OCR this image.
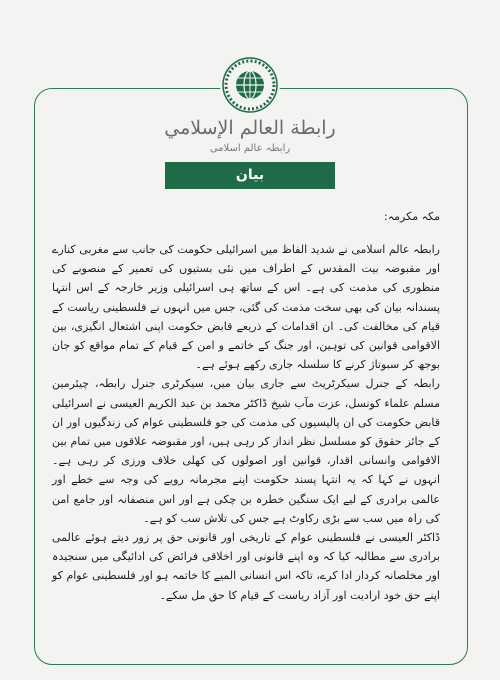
رابطة العالم الإسلامي
رابطہ عالم اسلامی
بیان
مکہ مکرمہ:

رابطہ عالم اسلامی نے شدید الفاظ میں اسرائیلی حکومت کی جانب سے مغربی کنارے اور مقبوضہ بیت المقدس کے اطراف میں نئی بستیوں کی تعمیر کے منصوبے کی منظوری کی مذمت کی ہے۔ اس کے ساتھ ہی اسرائیلی وزیر خارجہ کے اس انتہا پسندانہ بیان کی بھی سخت مذمت کی گئی، جس میں انہوں نے فلسطینی ریاست کے قیام کی مخالفت کی۔ ان اقدامات کے ذریعے قابض حکومت اپنی اشتعال انگیزی، بین الاقوامی قوانین کی توہین، اور جنگ کے خاتمے و امن کے قیام کے تمام مواقع کو جان بوجھ کر سبوتاژ کرنے کا سلسلہ جاری رکھے ہوئے ہے۔

رابطہ کے جنرل سیکرٹریٹ سے جاری بیان میں، سیکرٹری جنرل رابطہ، چیئرمین مسلم علماء کونسل، عزت مآب شیخ ڈاکٹر محمد بن عبد الکریم العیسی نے اسرائیلی قابض حکومت کی ان پالیسیوں کی مذمت کی جو فلسطینی عوام کی زندگیوں اور ان کے جائز حقوق کو مسلسل نظر انداز کر رہی ہیں، اور مقبوضہ علاقوں میں تمام بین الاقوامی وانسانی اقدار، قوانین اور اصولوں کی کھلی خلاف ورزی کر رہی ہے۔ انہوں نے کہا کہ یہ انتہا پسند حکومت اپنے مجرمانہ رویے کی وجہ سے خطے اور عالمی برادری کے لیے ایک سنگین خطرہ بن چکی ہے اور اس منصفانہ اور جامع امن کی راہ میں سب سے بڑی رکاوٹ ہے جس کی تلاش سب کو ہے۔

ڈاکٹر العیسی نے فلسطینی عوام کے تاریخی اور قانونی حق پر زور دیتے ہوئے عالمی برادری سے مطالبہ کیا کہ وہ اپنے قانونی اور اخلاقی فرائض کی ادائیگی میں سنجیدہ اور مخلصانہ کردار ادا کرے، تاکہ اس انسانی المیے کا خاتمہ ہو اور فلسطینی عوام کو اپنے حق خود ارادیت اور آزاد ریاست کے قیام کا حق مل سکے۔
